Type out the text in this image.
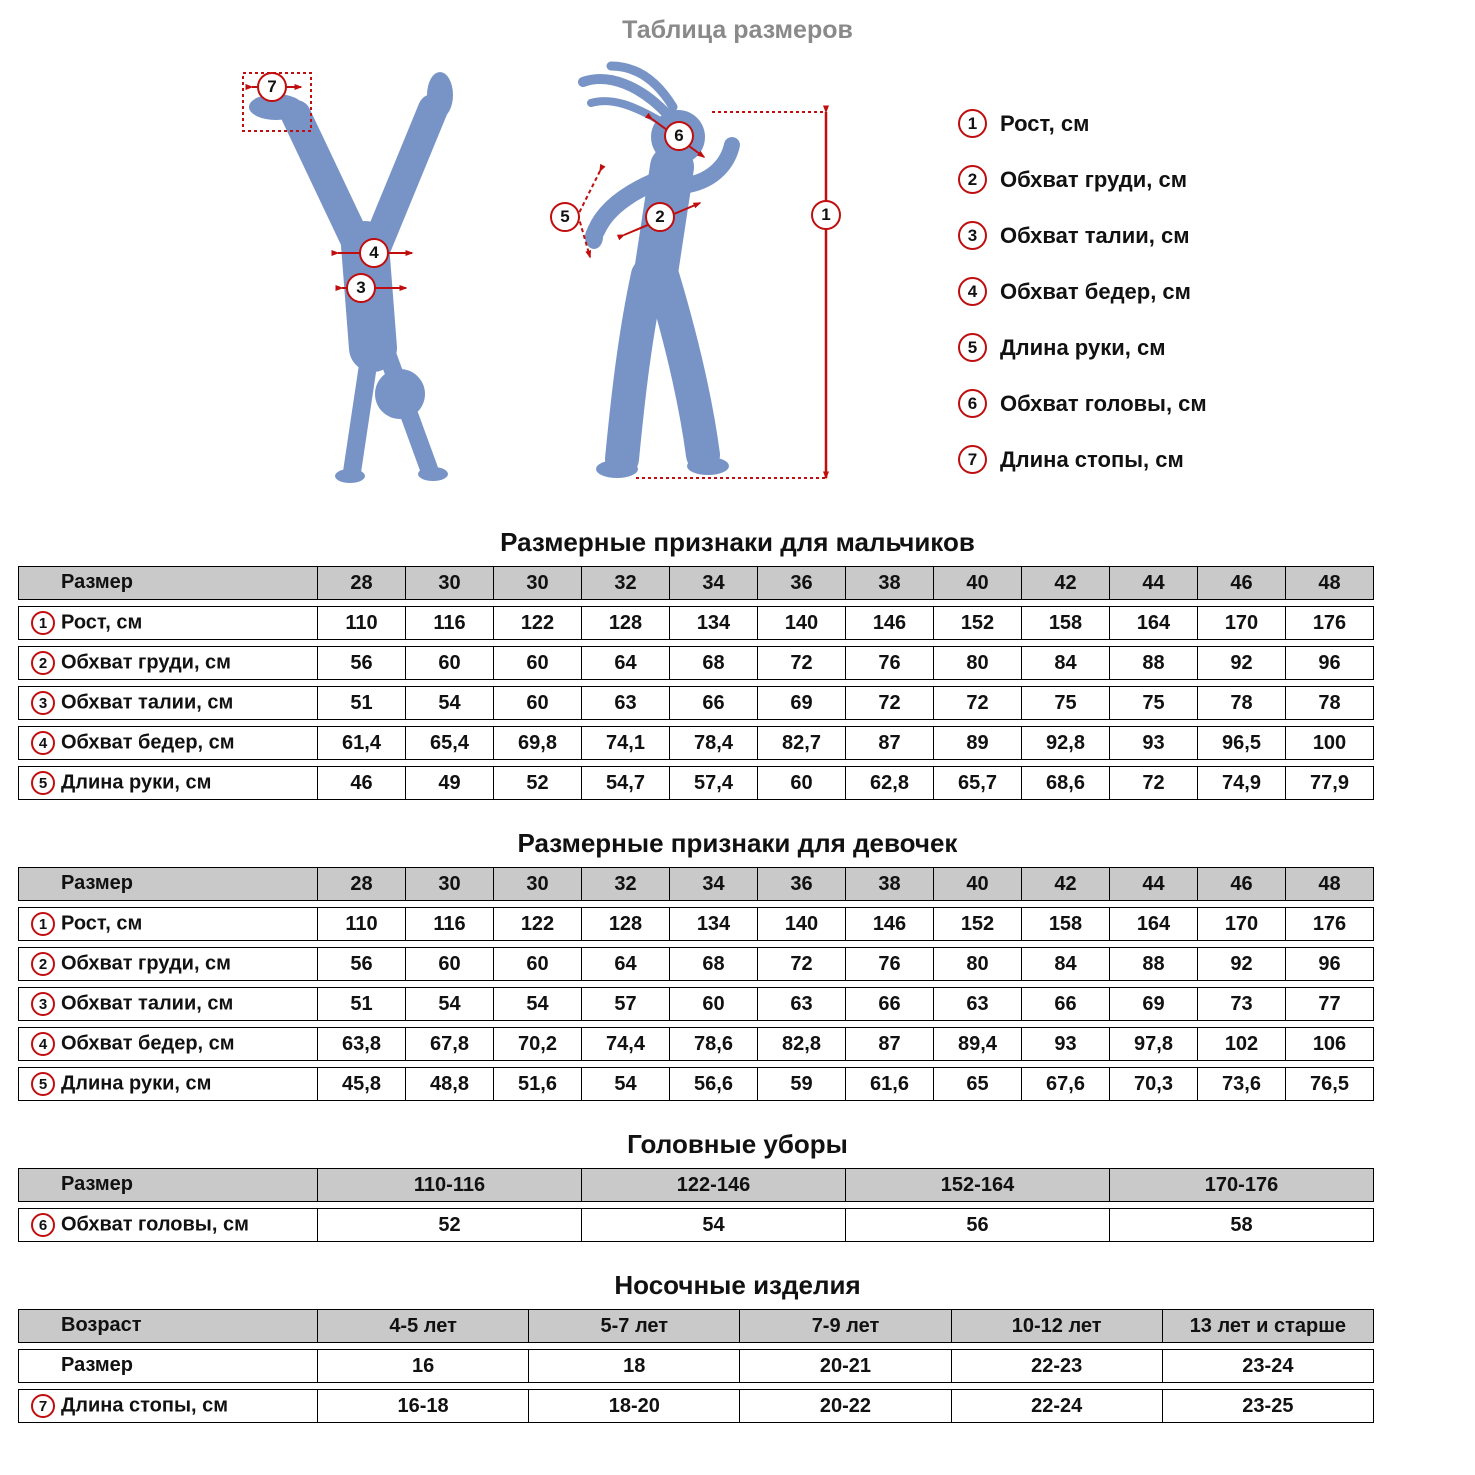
Таблица размеров
7
4
3
6
5	2	1
1	Рост, см
2	Обхват груди, см
3	Обхват талии, см
4	Обхват бедер, см
5	Длина руки, см
6	Обхват головы, см
7	Длина стопы, см
Размерные признаки для мальчиков
Размер	28	30	30	32	34	36	38	40	42	44	46	48

1 Рост, см	110	116	122	128	134	140	146	152	158	164	170	176

2 Обхват груди, см	56	60	60	64	68	72	76	80	84	88	92	96

3 Обхват талии, см	51	54	60	63	66	69	72	72	75	75	78	78

4 Обхват бедер, см	61,4	65,4	69,8	74,1	78,4	82,7	87	89	92,8	93	96,5	100

5 Длина руки, см	46	49	52	54,7	57,4	60	62,8	65,7	68,6	72	74,9	77,9
Размерные признаки для девочек
Размер	28	30	30	32	34	36	38	40	42	44	46	48

1 Рост, см	110	116	122	128	134	140	146	152	158	164	170	176

2 Обхват груди, см	56	60	60	64	68	72	76	80	84	88	92	96

3 Обхват талии, см	51	54	54	57	60	63	66	63	66	69	73	77

4 Обхват бедер, см	63,8	67,8	70,2	74,4	78,6	82,8	87	89,4	93	97,8	102	106

5 Длина руки, см	45,8	48,8	51,6	54	56,6	59	61,6	65	67,6	70,3	73,6	76,5
Головные уборы
Размер	110-116	122-146	152-164	170-176

6 Обхват головы, см	52	54	56	58
Носочные изделия
Возраст	4-5 лет	5-7 лет	7-9 лет	10-12 лет	13 лет и старше
Размер	16	18	20-21	22-23	23-24

7 Длина стопы, см	16-18	18-20	20-22	22-24	23-25
